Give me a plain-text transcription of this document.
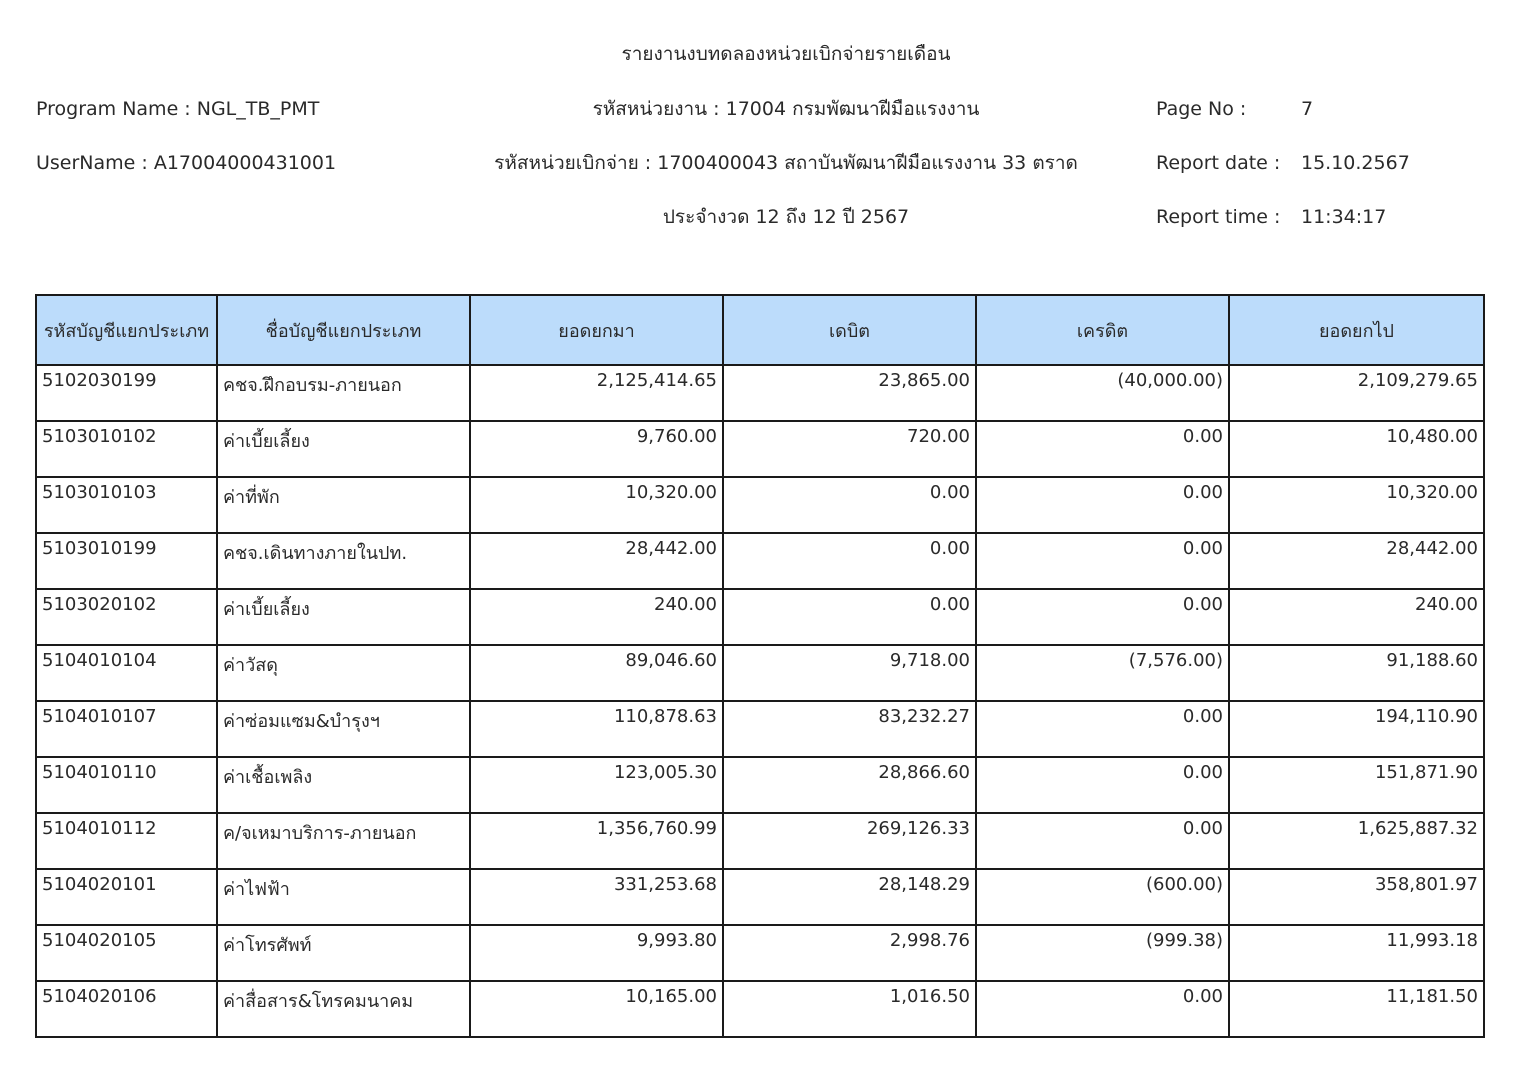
รายงานงบทดลองหน่วยเบิกจ่ายรายเดือน
Program Name : NGL_TB_PMT	รหัสหน่วยงาน : 17004 กรมพัฒนาฝีมือแรงงาน	Page No :	7
UserName : A17004000431001	รหัสหน่วยเบิกจ่าย : 1700400043 สถาบันพัฒนาฝีมือแรงงาน 33 ตราด	Report date : 15.10.2567
ประจำงวด 12 ถึง 12 ปี 2567	Report time : 11:34:17
รหัสบัญชีแยกประเภท	ชื่อบัญชีแยกประเภท	ยอดยกมา	เดบิต	เครดิต	ยอดยกไป
5102030199	คชจ.ฝึกอบรม-ภายนอก	2,125,414.65	23,865.00	(40,000.00)	2,109,279.65
5103010102	ค่าเบี้ยเลี้ยง	9,760.00	720.00	0.00	10,480.00
5103010103	ค่าที่พัก	10,320.00	0.00	0.00	10,320.00
5103010199	คชจ.เดินทางภายในปท.	28,442.00	0.00	0.00	28,442.00
5103020102	ค่าเบี้ยเลี้ยง	240.00	0.00	0.00	240.00
5104010104	ค่าวัสดุ	89,046.60	9,718.00	(7,576.00)	91,188.60
5104010107	ค่าซ่อมแซม&บำรุงฯ	110,878.63	83,232.27	0.00	194,110.90
5104010110	ค่าเชื้อเพลิง	123,005.30	28,866.60	0.00	151,871.90
5104010112	ค/จเหมาบริการ-ภายนอก	1,356,760.99	269,126.33	0.00	1,625,887.32
5104020101	ค่าไฟฟ้า	331,253.68	28,148.29	(600.00)	358,801.97
5104020105	ค่าโทรศัพท์	9,993.80	2,998.76	(999.38)	11,993.18
5104020106	ค่าสื่อสาร&โทรคมนาคม	10,165.00	1,016.50	0.00	11,181.50
